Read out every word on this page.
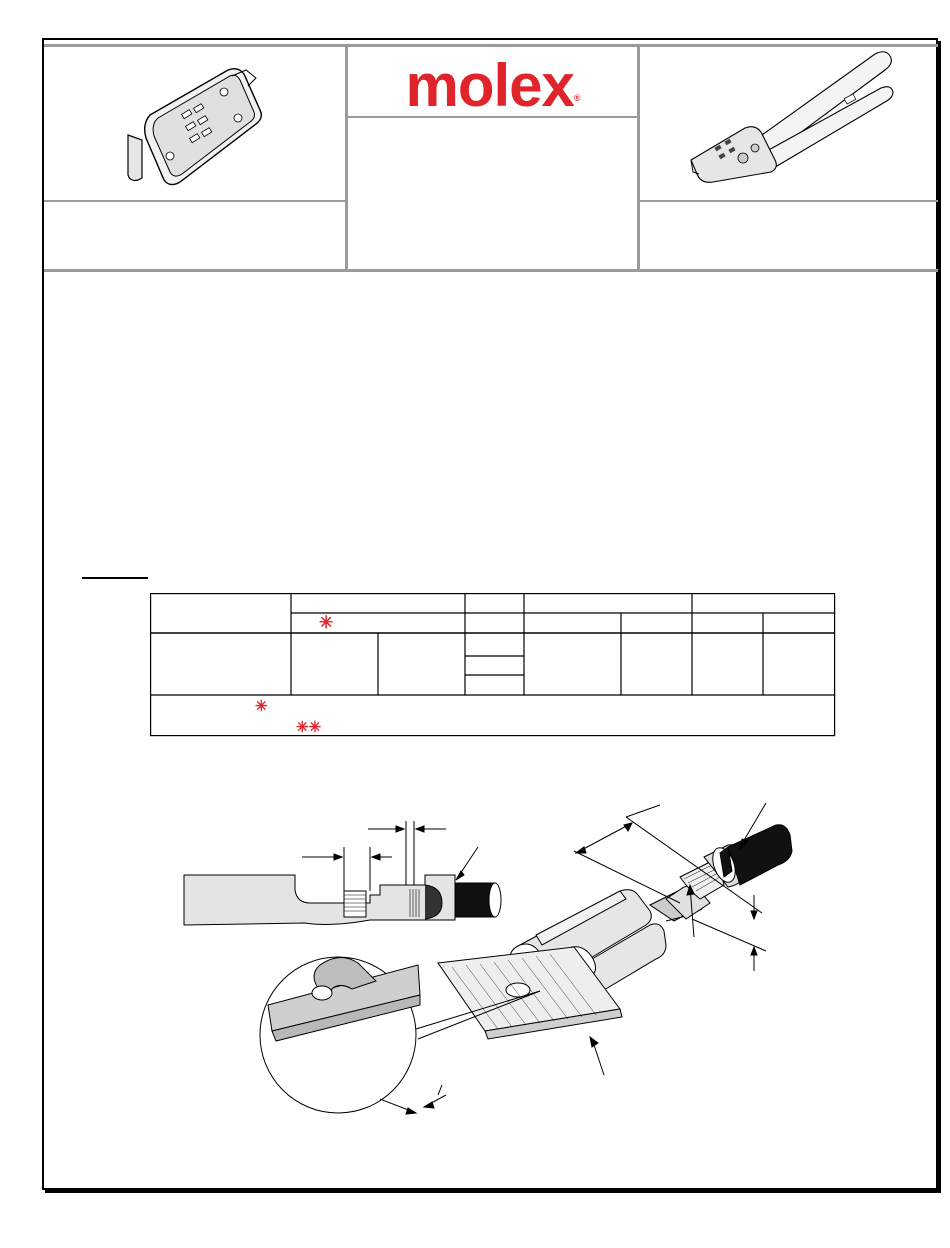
molex®
✳
✳
✳✳
